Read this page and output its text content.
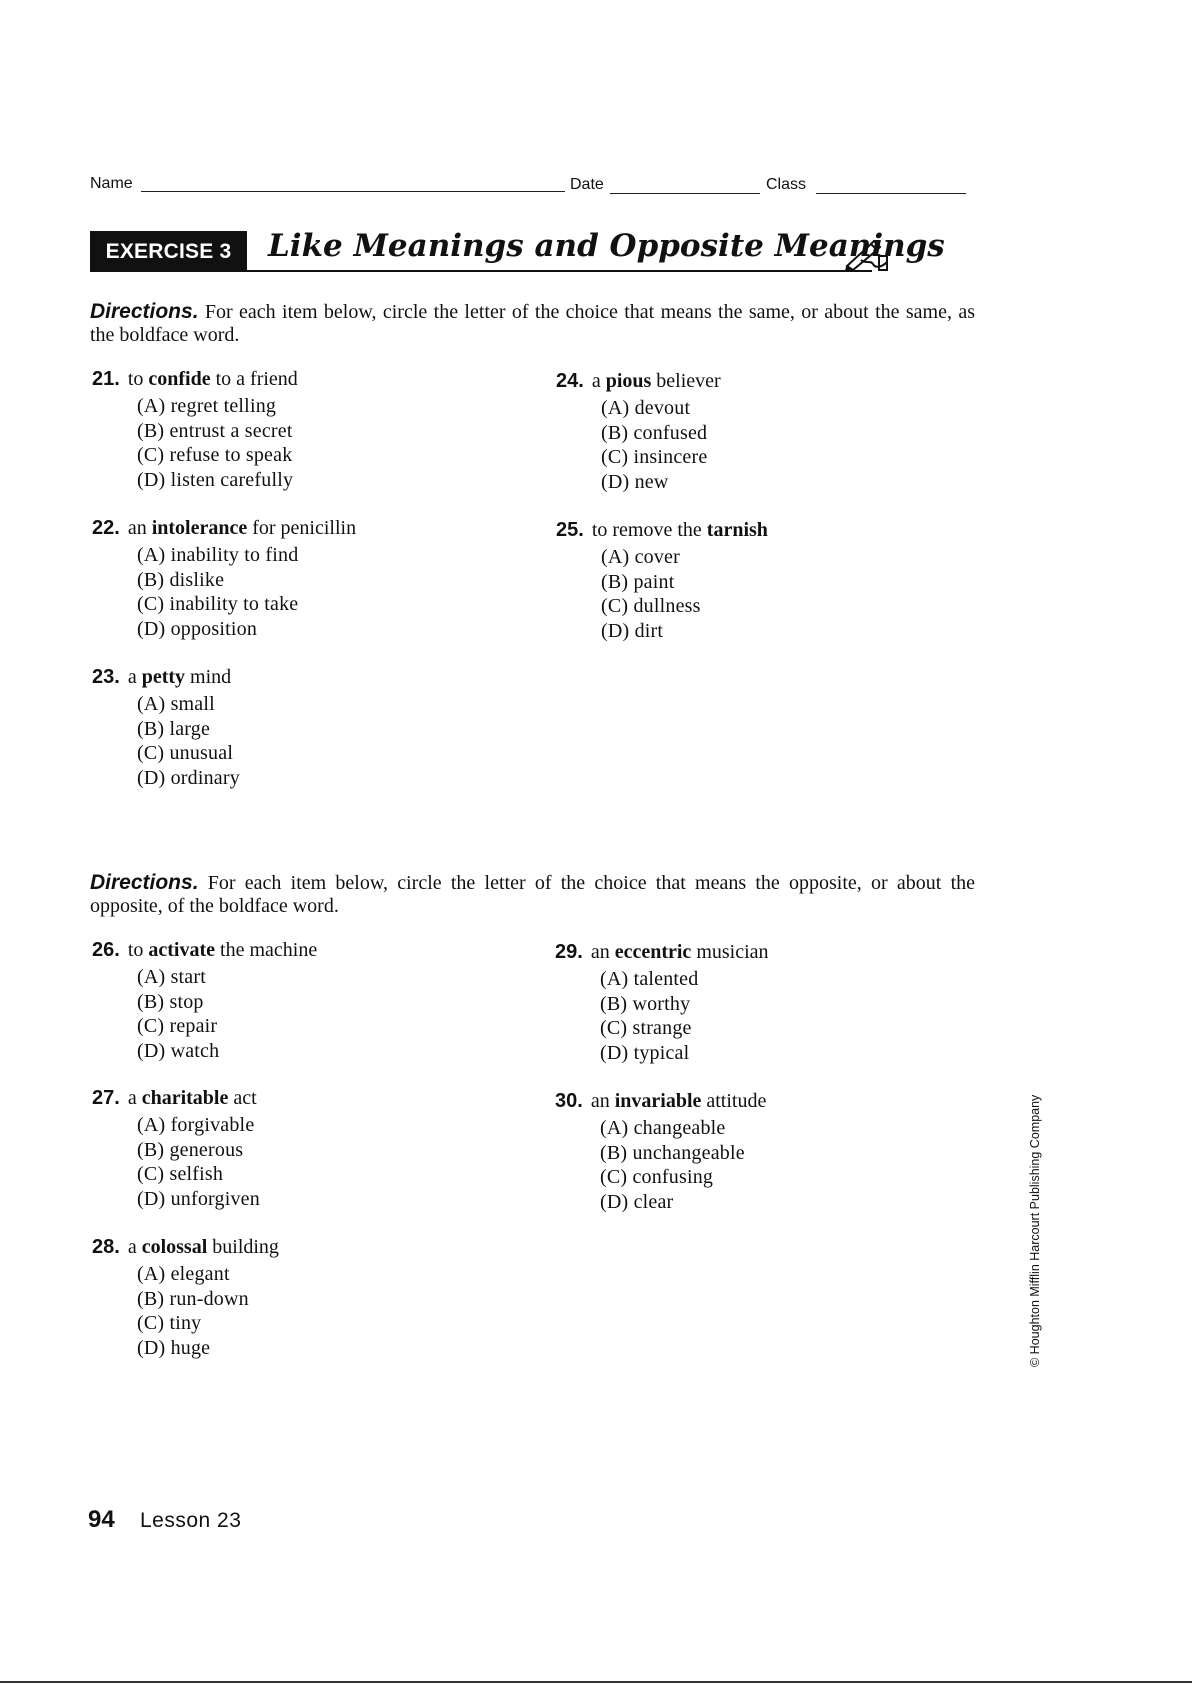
Name	Date	Class
EXERCISE 3	Like Meanings and Opposite Meanings
Directions. For each item below, circle the letter of the choice that means the same, or about the same, as the boldface word.
21. to confide to a friend
(A) regret telling
(B) entrust a secret
(C) refuse to speak
(D) listen carefully
22. an intolerance for penicillin
(A) inability to find
(B) dislike
(C) inability to take
(D) opposition
23. a petty mind
(A) small
(B) large
(C) unusual
(D) ordinary
24. a pious believer
(A) devout
(B) confused
(C) insincere
(D) new
25. to remove the tarnish
(A) cover
(B) paint
(C) dullness
(D) dirt
Directions. For each item below, circle the letter of the choice that means the opposite, or about the opposite, of the boldface word.
26. to activate the machine
(A) start
(B) stop
(C) repair
(D) watch
27. a charitable act
(A) forgivable
(B) generous
(C) selfish
(D) unforgiven
28. a colossal building
(A) elegant
(B) run-down
(C) tiny
(D) huge
29. an eccentric musician
(A) talented
(B) worthy
(C) strange
(D) typical
30. an invariable attitude
(A) changeable
(B) unchangeable
(C) confusing
(D) clear	© Houghton Mifflin Harcourt Publishing Company
94 Lesson 23
